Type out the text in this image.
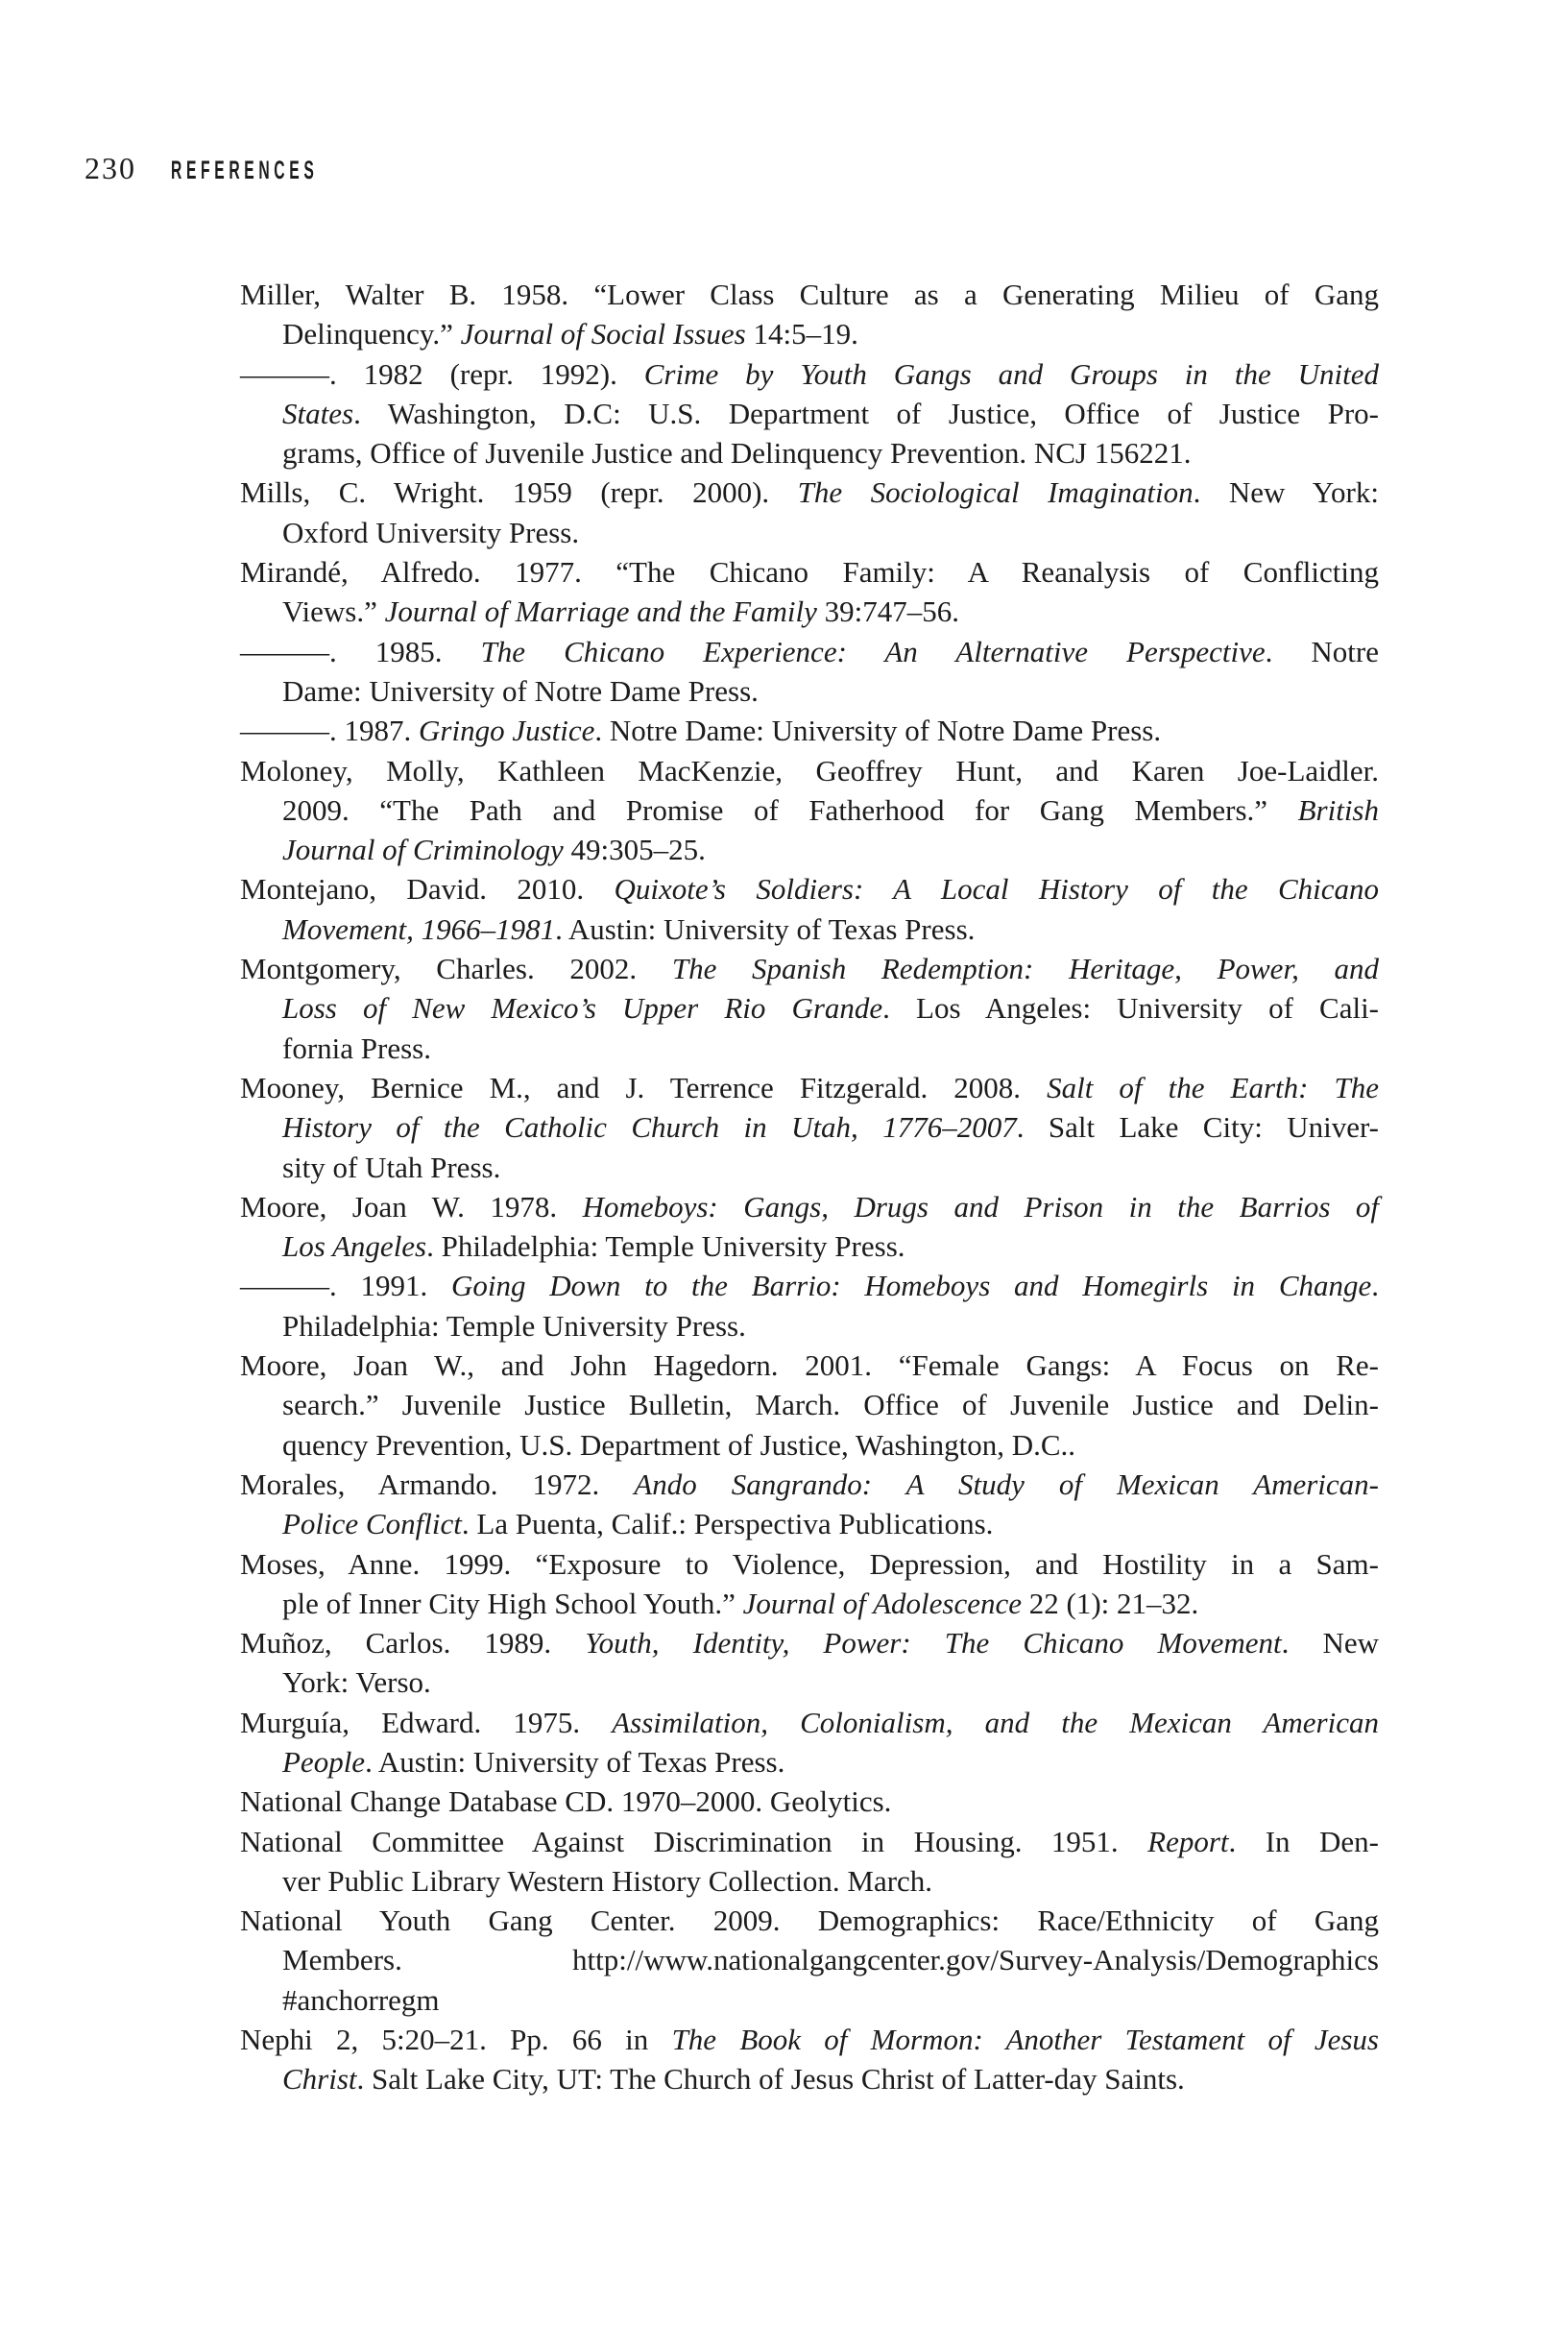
230 REFERENCES
Miller, Walter B. 1958. “Lower Class Culture as a Generating Milieu of Gang
Delinquency.” Journal of Social Issues 14:5–19.
———. 1982 (repr. 1992). Crime by Youth Gangs and Groups in the United
States. Washington, D.C: U.S. Department of Justice, Office of Justice Pro-
grams, Office of Juvenile Justice and Delinquency Prevention. NCJ 156221.
Mills, C. Wright. 1959 (repr. 2000). The Sociological Imagination. New York:
Oxford University Press.
Mirandé, Alfredo. 1977. “The Chicano Family: A Reanalysis of Conflicting
Views.” Journal of Marriage and the Family 39:747–56.
———. 1985. The Chicano Experience: An Alternative Perspective. Notre
Dame: University of Notre Dame Press.
———. 1987. Gringo Justice. Notre Dame: University of Notre Dame Press.
Moloney, Molly, Kathleen MacKenzie, Geoffrey Hunt, and Karen Joe-Laidler.
2009. “The Path and Promise of Fatherhood for Gang Members.” British
Journal of Criminology 49:305–25.
Montejano, David. 2010. Quixote’s Soldiers: A Local History of the Chicano
Movement, 1966–1981. Austin: University of Texas Press.
Montgomery, Charles. 2002. The Spanish Redemption: Heritage, Power, and
Loss of New Mexico’s Upper Rio Grande. Los Angeles: University of Cali-
fornia Press.
Mooney, Bernice M., and J. Terrence Fitzgerald. 2008. Salt of the Earth: The
History of the Catholic Church in Utah, 1776–2007. Salt Lake City: Univer-
sity of Utah Press.
Moore, Joan W. 1978. Homeboys: Gangs, Drugs and Prison in the Barrios of
Los Angeles. Philadelphia: Temple University Press.
———. 1991. Going Down to the Barrio: Homeboys and Homegirls in Change.
Philadelphia: Temple University Press.
Moore, Joan W., and John Hagedorn. 2001. “Female Gangs: A Focus on Re-
search.” Juvenile Justice Bulletin, March. Office of Juvenile Justice and Delin-
quency Prevention, U.S. Department of Justice, Washington, D.C..
Morales, Armando. 1972. Ando Sangrando: A Study of Mexican American-
Police Conflict. La Puenta, Calif.: Perspectiva Publications.
Moses, Anne. 1999. “Exposure to Violence, Depression, and Hostility in a Sam-
ple of Inner City High School Youth.” Journal of Adolescence 22 (1): 21–32.
Muñoz, Carlos. 1989. Youth, Identity, Power: The Chicano Movement. New
York: Verso.
Murguía, Edward. 1975. Assimilation, Colonialism, and the Mexican American
People. Austin: University of Texas Press.
National Change Database CD. 1970–2000. Geolytics.
National Committee Against Discrimination in Housing. 1951. Report. In Den-
ver Public Library Western History Collection. March.
National Youth Gang Center. 2009. Demographics: Race/Ethnicity of Gang
Members. http://www.nationalgangcenter.gov/Survey-Analysis/Demographics
#anchorregm
Nephi 2, 5:20–21. Pp. 66 in The Book of Mormon: Another Testament of Jesus
Christ. Salt Lake City, UT: The Church of Jesus Christ of Latter-day Saints.
